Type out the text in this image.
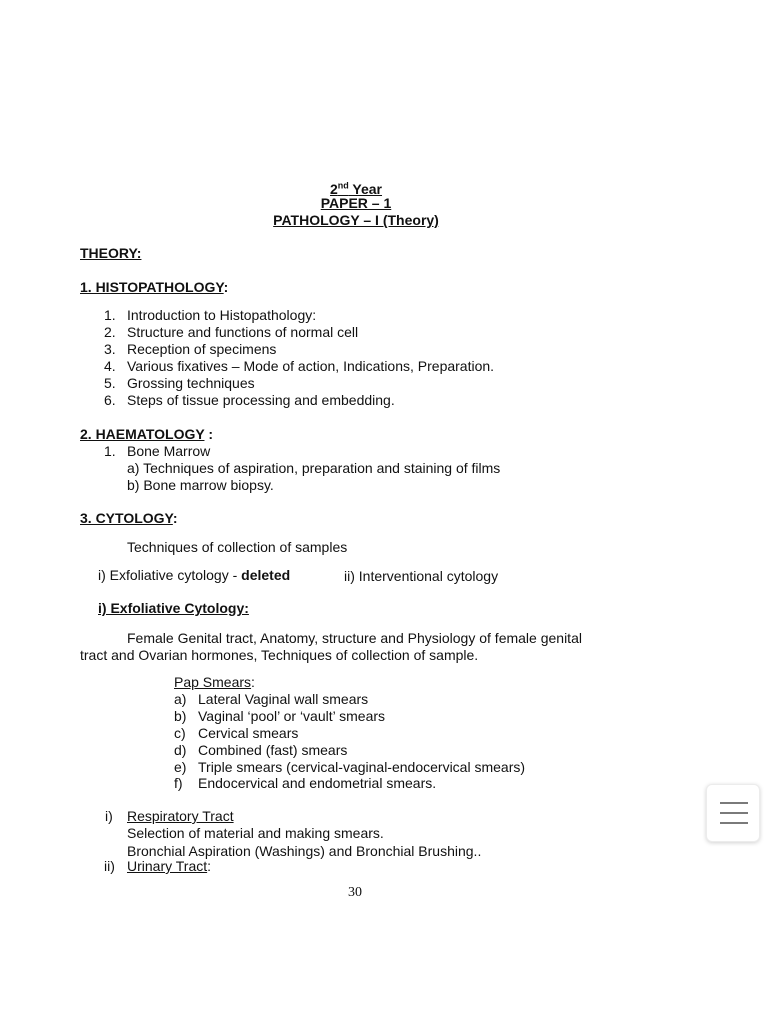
2nd Year
PAPER – 1
PATHOLOGY – I (Theory)
THEORY:
1. HISTOPATHOLOGY:
1. Introduction to Histopathology:
2. Structure and functions of normal cell
3. Reception of specimens
4. Various fixatives – Mode of action, Indications, Preparation.
5. Grossing techniques
6. Steps of tissue processing and embedding.
2. HAEMATOLOGY :
1. Bone Marrow
a) Techniques of aspiration, preparation and staining of films
b) Bone marrow biopsy.
3. CYTOLOGY:
Techniques of collection of samples
i) Exfoliative cytology - deleted	ii) Interventional cytology
i) Exfoliative Cytology:
Female Genital tract, Anatomy, structure and Physiology of female genital
tract and Ovarian hormones, Techniques of collection of sample.
Pap Smears:
a) Lateral Vaginal wall smears
b) Vaginal ‘pool’ or ‘vault’ smears
c) Cervical smears
d) Combined (fast) smears
e) Triple smears (cervical-vaginal-endocervical smears)
f) Endocervical and endometrial smears.
i) Respiratory Tract
Selection of material and making smears.
Bronchial Aspiration (Washings) and Bronchial Brushing..
ii) Urinary Tract:
30
